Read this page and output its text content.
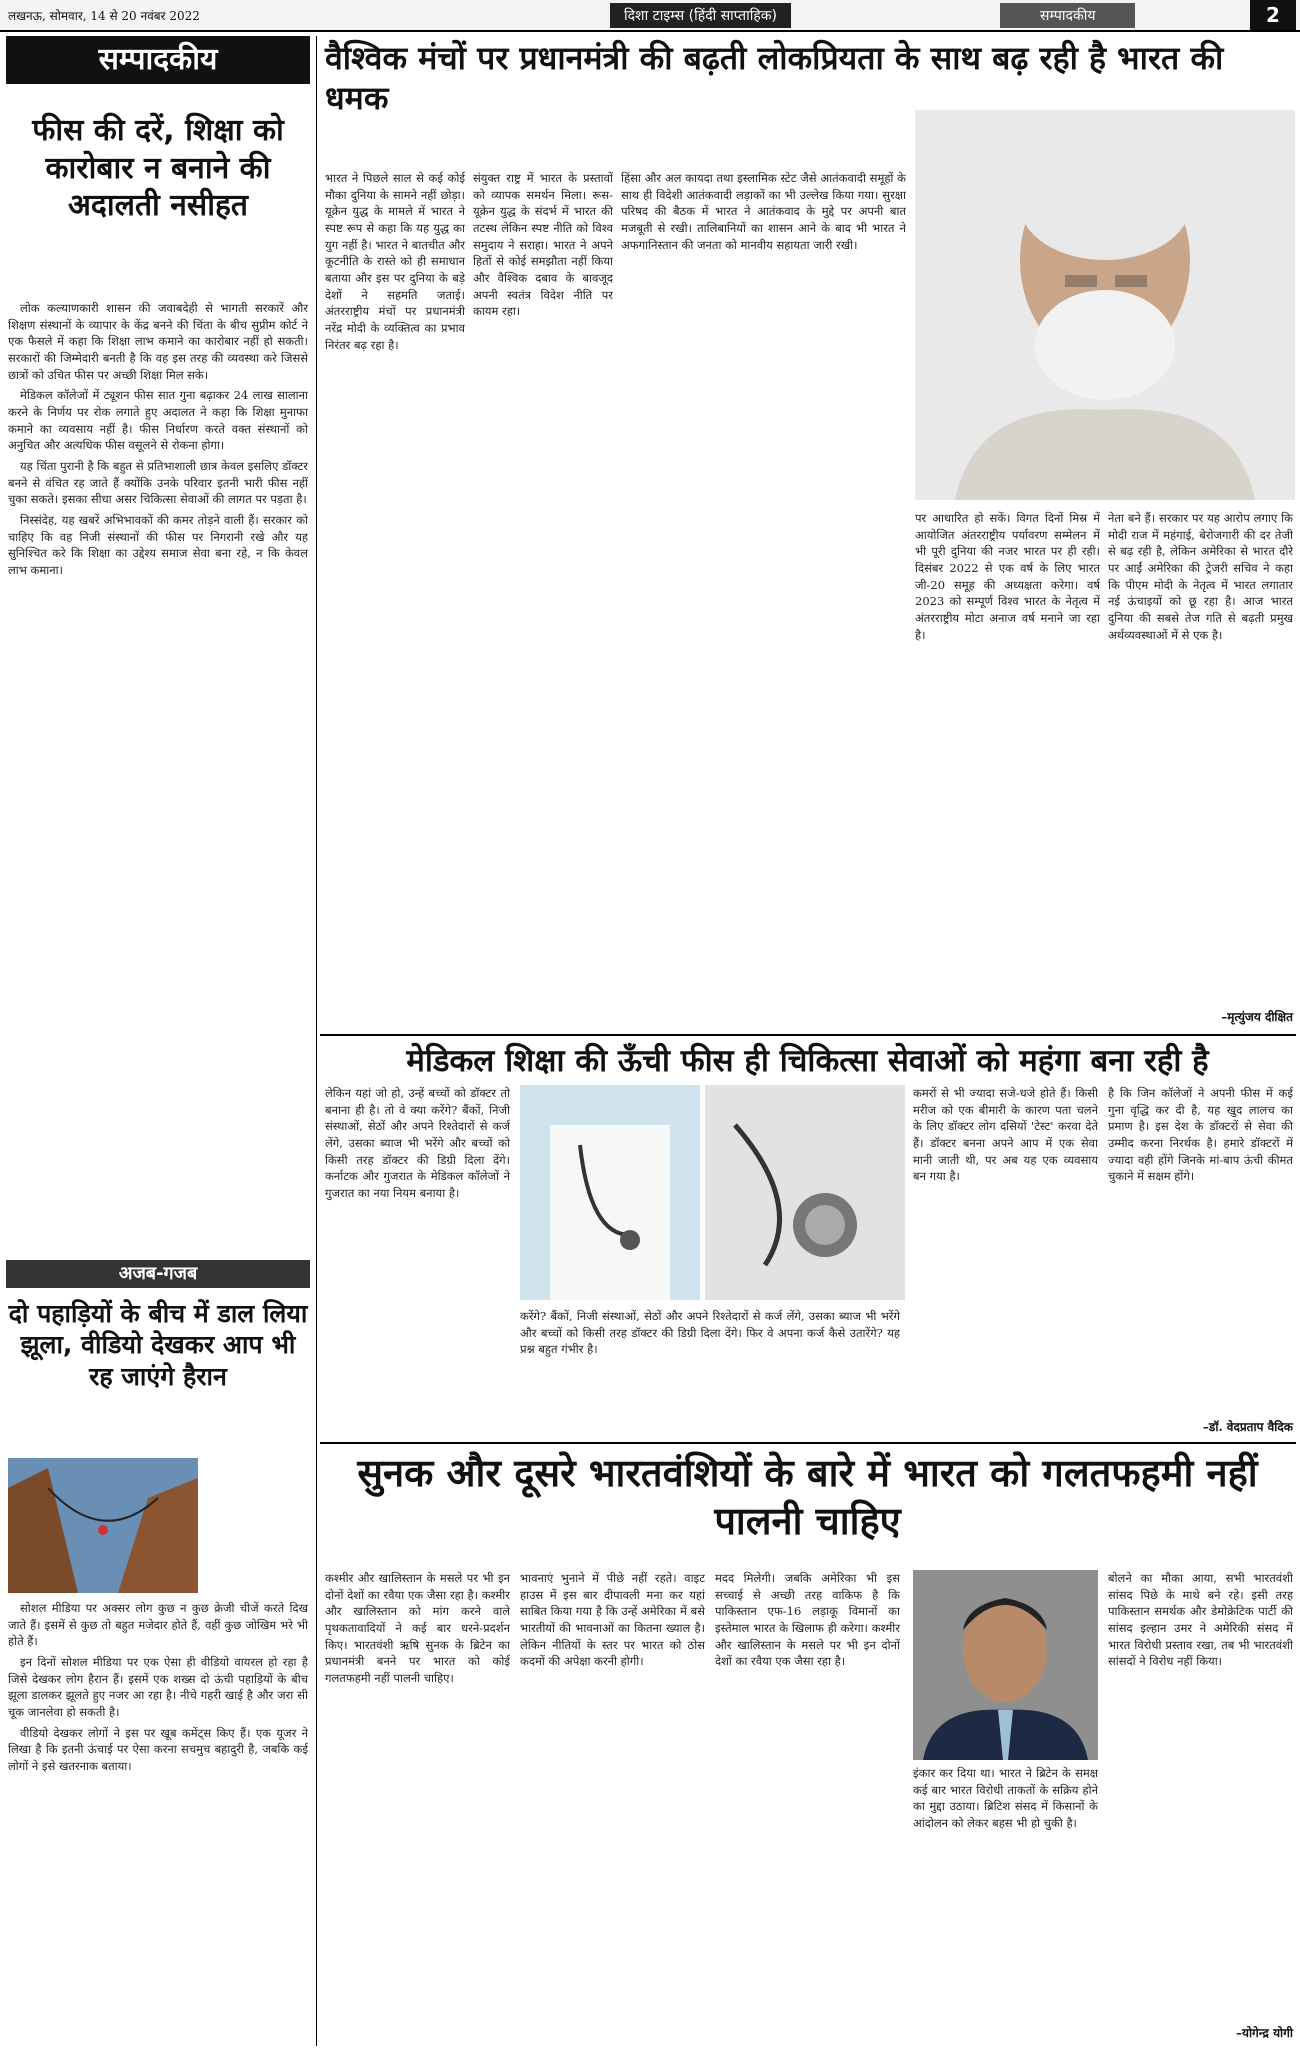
लखनऊ, सोमवार, 14 से 20 नवंबर 2022	दिशा टाइम्स (हिंदी साप्ताहिक)	सम्पादकीय	2
सम्पादकीय
फीस की दरें, शिक्षा को कारोबार न बनाने की अदालती नसीहत

लोक कल्याणकारी शासन की जवाबदेही से भागती सरकारें और शिक्षण संस्थानों के व्यापार के केंद्र बनने की चिंता के बीच सुप्रीम कोर्ट ने एक फैसले में कहा कि शिक्षा लाभ कमाने का कारोबार नहीं हो सकती। सरकारों की जिम्मेदारी बनती है कि वह इस तरह की व्यवस्था करे जिससे छात्रों को उचित फीस पर अच्छी शिक्षा मिल सके।

मेडिकल कॉलेजों में ट्यूशन फीस सात गुना बढ़ाकर 24 लाख सालाना करने के निर्णय पर रोक लगाते हुए अदालत ने कहा कि शिक्षा मुनाफा कमाने का व्यवसाय नहीं है। फीस निर्धारण करते वक्त संस्थानों को अनुचित और अत्यधिक फीस वसूलने से रोकना होगा।

यह चिंता पुरानी है कि बहुत से प्रतिभाशाली छात्र केवल इसलिए डॉक्टर बनने से वंचित रह जाते हैं क्योंकि उनके परिवार इतनी भारी फीस नहीं चुका सकते। इसका सीधा असर चिकित्सा सेवाओं की लागत पर पड़ता है।

निस्संदेह, यह खबरें अभिभावकों की कमर तोड़ने वाली हैं। सरकार को चाहिए कि वह निजी संस्थानों की फीस पर निगरानी रखे और यह सुनिश्चित करे कि शिक्षा का उद्देश्य समाज सेवा बना रहे, न कि केवल लाभ कमाना।

अजब-गजब
दो पहाड़ियों के बीच में डाल लिया झूला, वीडियो देखकर आप भी रह जाएंगे हैरान

सोशल मीडिया पर अक्सर लोग कुछ न कुछ क्रेजी चीजें करते दिख जाते हैं। इसमें से कुछ तो बहुत मजेदार होते हैं, वहीं कुछ जोखिम भरे भी होते हैं।

इन दिनों सोशल मीडिया पर एक ऐसा ही वीडियो वायरल हो रहा है जिसे देखकर लोग हैरान हैं। इसमें एक शख्स दो ऊंची पहाड़ियों के बीच झूला डालकर झूलते हुए नजर आ रहा है। नीचे गहरी खाई है और जरा सी चूक जानलेवा हो सकती है।

वीडियो देखकर लोगों ने इस पर खूब कमेंट्स किए हैं। एक यूजर ने लिखा है कि इतनी ऊंचाई पर ऐसा करना सचमुच बहादुरी है, जबकि कई लोगों ने इसे खतरनाक बताया।

वैश्विक मंचों पर प्रधानमंत्री की बढ़ती लोकप्रियता के साथ बढ़ रही है भारत की धमक
भारत ने पिछले साल से कई कोई मौका दुनिया के सामने नहीं छोड़ा। यूक्रेन युद्ध के मामले में भारत ने स्पष्ट रूप से कहा कि यह युद्ध का युग नहीं है। भारत ने बातचीत और कूटनीति के रास्ते को ही समाधान बताया और इस पर दुनिया के बड़े देशों ने सहमति जताई। अंतरराष्ट्रीय मंचों पर प्रधानमंत्री नरेंद्र मोदी के व्यक्तित्व का प्रभाव निरंतर बढ़ रहा है।
संयुक्त राष्ट्र में भारत के प्रस्तावों को व्यापक समर्थन मिला। रूस-यूक्रेन युद्ध के संदर्भ में भारत की तटस्थ लेकिन स्पष्ट नीति को विश्व समुदाय ने सराहा। भारत ने अपने हितों से कोई समझौता नहीं किया और वैश्विक दबाव के बावजूद अपनी स्वतंत्र विदेश नीति पर कायम रहा।
हिंसा और अल कायदा तथा इस्लामिक स्टेट जैसे आतंकवादी समूहों के साथ ही विदेशी आतंकवादी लड़ाकों का भी उल्लेख किया गया। सुरक्षा परिषद की बैठक में भारत ने आतंकवाद के मुद्दे पर अपनी बात मजबूती से रखी। तालिबानियों का शासन आने के बाद भी भारत ने अफगानिस्तान की जनता को मानवीय सहायता जारी रखी।
पर आधारित हो सकें। विगत दिनों मिस्र में आयोजित अंतरराष्ट्रीय पर्यावरण सम्मेलन में भी पूरी दुनिया की नजर भारत पर ही रही। दिसंबर 2022 से एक वर्ष के लिए भारत जी-20 समूह की अध्यक्षता करेगा। वर्ष 2023 को सम्पूर्ण विश्व भारत के नेतृत्व में अंतरराष्ट्रीय मोटा अनाज वर्ष मनाने जा रहा है।
नेता बने हैं। सरकार पर यह आरोप लगाए कि मोदी राज में महंगाई, बेरोजगारी की दर तेजी से बढ़ रही है, लेकिन अमेरिका से भारत दौरे पर आईं अमेरिका की ट्रेजरी सचिव ने कहा कि पीएम मोदी के नेतृत्व में भारत लगातार नई ऊंचाइयों को छू रहा है। आज भारत दुनिया की सबसे तेज गति से बढ़ती प्रमुख अर्थव्यवस्थाओं में से एक है।
–मृत्युंजय दीक्षित
मेडिकल शिक्षा की ऊँची फीस ही चिकित्सा सेवाओं को महंगा बना रही है
लेकिन यहां जो हो, उन्हें बच्चों को डॉक्टर तो बनाना ही है। तो वे क्या करेंगे? बैंकों, निजी संस्थाओं, सेठों और अपने रिश्तेदारों से कर्ज लेंगे, उसका ब्याज भी भरेंगे और बच्चों को किसी तरह डॉक्टर की डिग्री दिला देंगे। कर्नाटक और गुजरात के मेडिकल कॉलेजों ने गुजरात का नया नियम बनाया है।
करेंगे? बैंकों, निजी संस्थाओं, सेठों और अपने रिश्तेदारों से कर्ज लेंगे, उसका ब्याज भी भरेंगे और बच्चों को किसी तरह डॉक्टर की डिग्री दिला देंगे। फिर वे अपना कर्ज कैसे उतारेंगे? यह प्रश्न बहुत गंभीर है।
कमरों से भी ज्यादा सजे-धजे होते हैं। किसी मरीज को एक बीमारी के कारण पता चलने के लिए डॉक्टर लोग दसियों 'टेस्ट' करवा देते हैं। डॉक्टर बनना अपने आप में एक सेवा मानी जाती थी, पर अब यह एक व्यवसाय बन गया है।
है कि जिन कॉलेजों ने अपनी फीस में कई गुना वृद्धि कर दी है, यह खुद लालच का प्रमाण है। इस देश के डॉक्टरों से सेवा की उम्मीद करना निरर्थक है। हमारे डॉक्टरों में ज्यादा वही होंगे जिनके मां-बाप ऊंची कीमत चुकाने में सक्षम होंगे।
–डॉ. वेदप्रताप वैदिक
सुनक और दूसरे भारतवंशियों के बारे में भारत को गलतफहमी नहीं पालनी चाहिए
कश्मीर और खालिस्तान के मसले पर भी इन दोनों देशों का रवैया एक जैसा रहा है। कश्मीर और खालिस्तान को मांग करने वाले पृथकतावादियों ने कई बार धरने-प्रदर्शन किए। भारतवंशी ऋषि सुनक के ब्रिटेन का प्रधानमंत्री बनने पर भारत को कोई गलतफहमी नहीं पालनी चाहिए।
भावनाएं भुनाने में पीछे नहीं रहते। वाइट हाउस में इस बार दीपावली मना कर यहां साबित किया गया है कि उन्हें अमेरिका में बसे भारतीयों की भावनाओं का कितना ख्याल है। लेकिन नीतियों के स्तर पर भारत को ठोस कदमों की अपेक्षा करनी होगी।
मदद मिलेगी। जबकि अमेरिका भी इस सच्चाई से अच्छी तरह वाकिफ है कि पाकिस्तान एफ-16 लड़ाकू विमानों का इस्तेमाल भारत के खिलाफ ही करेगा। कश्मीर और खालिस्तान के मसले पर भी इन दोनों देशों का रवैया एक जैसा रहा है।
इंकार कर दिया था। भारत ने ब्रिटेन के समक्ष कई बार भारत विरोधी ताकतों के सक्रिय होने का मुद्दा उठाया। ब्रिटिश संसद में किसानों के आंदोलन को लेकर बहस भी हो चुकी है।
बोलने का मौका आया, सभी भारतवंशी सांसद पिछे के माथे बने रहे। इसी तरह पाकिस्तान समर्थक और डेमोक्रेटिक पार्टी की सांसद इल्हान उमर ने अमेरिकी संसद में भारत विरोधी प्रस्ताव रखा, तब भी भारतवंशी सांसदों ने विरोध नहीं किया।
–योगेन्द्र योगी
